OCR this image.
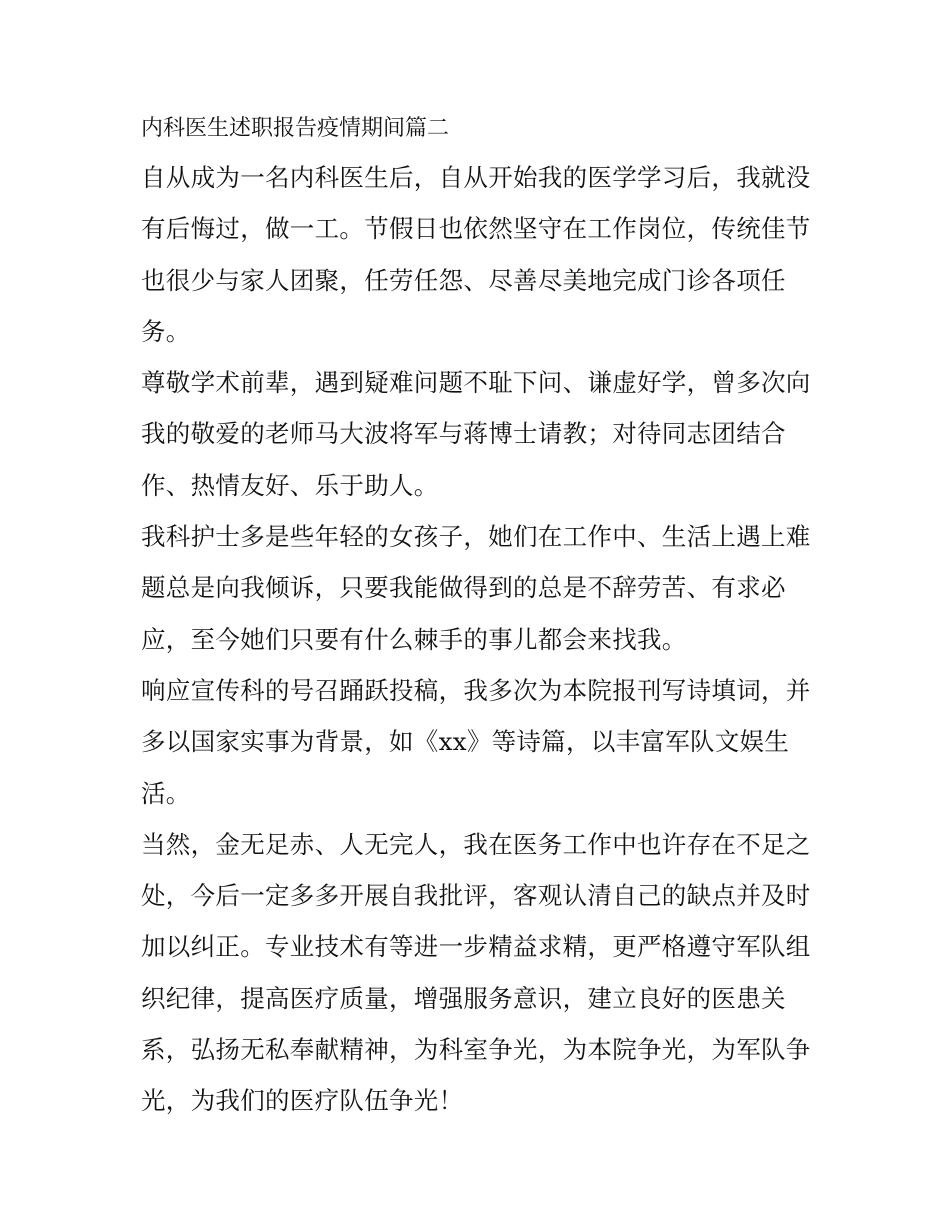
内科医生述职报告疫情期间篇二

自从成为一名内科医生后，自从开始我的医学学习后，我就没
有后悔过，做一工。节假日也依然坚守在工作岗位，传统佳节
也很少与家人团聚，任劳任怨、尽善尽美地完成门诊各项任
务。

尊敬学术前辈，遇到疑难问题不耻下问、谦虚好学，曾多次向
我的敬爱的老师马大波将军与蒋博士请教；对待同志团结合
作、热情友好、乐于助人。

我科护士多是些年轻的女孩子，她们在工作中、生活上遇上难
题总是向我倾诉，只要我能做得到的总是不辞劳苦、有求必
应，至今她们只要有什么棘手的事儿都会来找我。

响应宣传科的号召踊跃投稿，我多次为本院报刊写诗填词，并
多以国家实事为背景，如《xx》等诗篇，以丰富军队文娱生
活。

当然，金无足赤、人无完人，我在医务工作中也许存在不足之
处，今后一定多多开展自我批评，客观认清自己的缺点并及时
加以纠正。专业技术有等进一步精益求精，更严格遵守军队组
织纪律，提高医疗质量，增强服务意识，建立良好的医患关
系，弘扬无私奉献精神，为科室争光，为本院争光，为军队争
光，为我们的医疗队伍争光！
